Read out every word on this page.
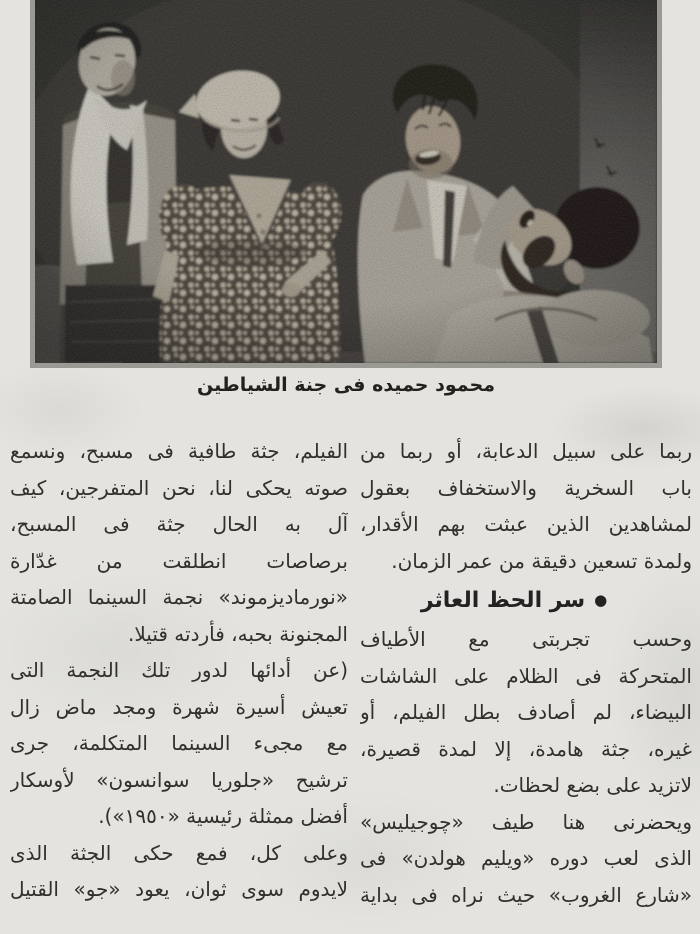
محمود حميده فى جنة الشياطين
ربما على سبيل الدعابة، أو ربما من
باب السخرية والاستخفاف بعقول
لمشاهدين الذين عبثت بهم الأقدار،
ولمدة تسعين دقيقة من عمر الزمان.
●
سر الحظ العاثر
وحسب تجربتى مع الأطياف
المتحركة فى الظلام على الشاشات
البيضاء، لم أصادف بطل الفيلم، أو
غيره، جثة هامدة، إلا لمدة قصيرة،
لاتزيد على بضع لحظات.
ويحضرنى هنا طيف «چوجيليس»
الذى لعب دوره «ويليم هولدن» فى
«شارع الغروب» حيث نراه فى بداية
الفيلم، جثة طافية فى مسبح، ونسمع
صوته يحكى لنا، نحن المتفرجين، كيف
آل به الحال جثة فى المسبح،
برصاصات انطلقت من غدّارة
«نورماديزموند» نجمة السينما الصامتة
المجنونة بحبه، فأردته قتيلا.
(عن أدائها لدور تلك النجمة التى
تعيش أسيرة شهرة ومجد ماض زال
مع مجىء السينما المتكلمة، جرى
ترشيح «جلوريا سوانسون» لأوسكار
أفضل ممثلة رئيسية «١٩٥٠»).
وعلى كل، فمع حكى الجثة الذى
لايدوم سوى ثوان، يعود «جو» القتيل
